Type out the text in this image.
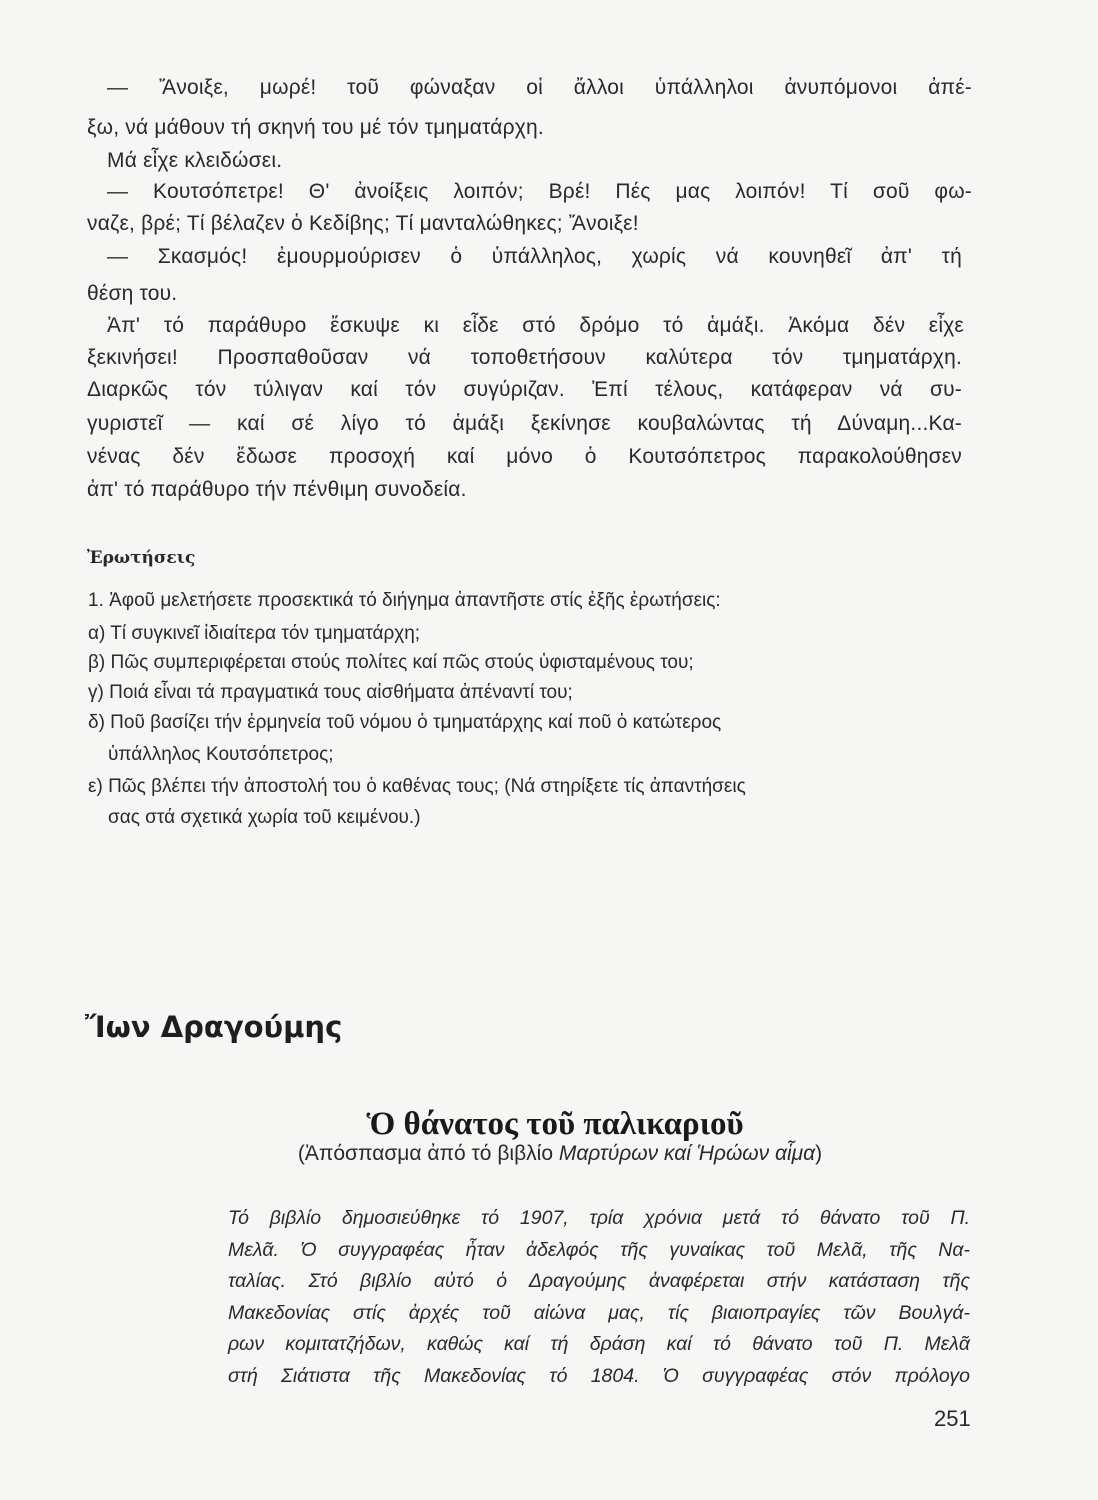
— Ἄνοιξε, μωρέ! τοῦ φώναξαν οἱ ἄλλοι ὑπάλληλοι ἀνυπόμονοι ἀπέ-
ξω, νά μάθουν τή σκηνή του μέ τόν τμηματάρχη.
Μά εἶχε κλειδώσει.
— Κουτσόπετρε! Θ' ἀνοίξεις λοιπόν; Βρέ! Πές μας λοιπόν! Τί σοῦ φω-
ναζε, βρέ; Τί βέλαζεν ὁ Κεδίβης; Τί μανταλώθηκες; Ἄνοιξε!
— Σκασμός! ἐμουρμούρισεν ὁ ὑπάλληλος, χωρίς νά κουνηθεῖ ἀπ' τή
θέση του.
Ἀπ' τό παράθυρο ἔσκυψε κι εἶδε στό δρόμο τό ἁμάξι. Ἀκόμα δέν εἶχε
ξεκινήσει! Προσπαθοῦσαν νά τοποθετήσουν καλύτερα τόν τμηματάρχη.
Διαρκῶς τόν τύλιγαν καί τόν συγύριζαν. Ἐπί τέλους, κατάφεραν νά συ-
γυριστεῖ — καί σέ λίγο τό ἁμάξι ξεκίνησε κουβαλώντας τή Δύναμη...Κα-
νένας δέν ἔδωσε προσοχή καί μόνο ὁ Κουτσόπετρος παρακολούθησεν
ἀπ' τό παράθυρο τήν πένθιμη συνοδεία.
Ἐρωτήσεις
1. Ἀφοῦ μελετήσετε προσεκτικά τό διήγημα ἀπαντῆστε στίς ἑξῆς ἐρωτήσεις:
α) Τί συγκινεῖ ἰδιαίτερα τόν τμηματάρχη;
β) Πῶς συμπεριφέρεται στούς πολίτες καί πῶς στούς ὑφισταμένους του;
γ) Ποιά εἶναι τά πραγματικά τους αἰσθήματα ἀπέναντί του;
δ) Ποῦ βασίζει τήν ἑρμηνεία τοῦ νόμου ὁ τμηματάρχης καί ποῦ ὁ κατώτερος
ὑπάλληλος Κουτσόπετρος;
ε) Πῶς βλέπει τήν ἀποστολή του ὁ καθένας τους; (Νά στηρίξετε τίς ἀπαντήσεις
σας στά σχετικά χωρία τοῦ κειμένου.)
Ἴων Δραγούμης
Ὁ θάνατος τοῦ παλικαριοῦ
(Ἀπόσπασμα ἀπό τό βιβλίο Μαρτύρων καί Ἡρώων αἷμα)
Τό βιβλίο δημοσιεύθηκε τό 1907, τρία χρόνια μετά τό θάνατο τοῦ Π.
Μελᾶ. Ὁ συγγραφέας ἦταν ἀδελφός τῆς γυναίκας τοῦ Μελᾶ, τῆς Να-
ταλίας. Στό βιβλίο αὐτό ὁ Δραγούμης ἀναφέρεται στήν κατάσταση τῆς
Μακεδονίας στίς ἀρχές τοῦ αἰώνα μας, τίς βιαιοπραγίες τῶν Βουλγά-
ρων κομιτατζήδων, καθώς καί τή δράση καί τό θάνατο τοῦ Π. Μελᾶ
στή Σιάτιστα τῆς Μακεδονίας τό 1804. Ὁ συγγραφέας στόν πρόλογο
251
